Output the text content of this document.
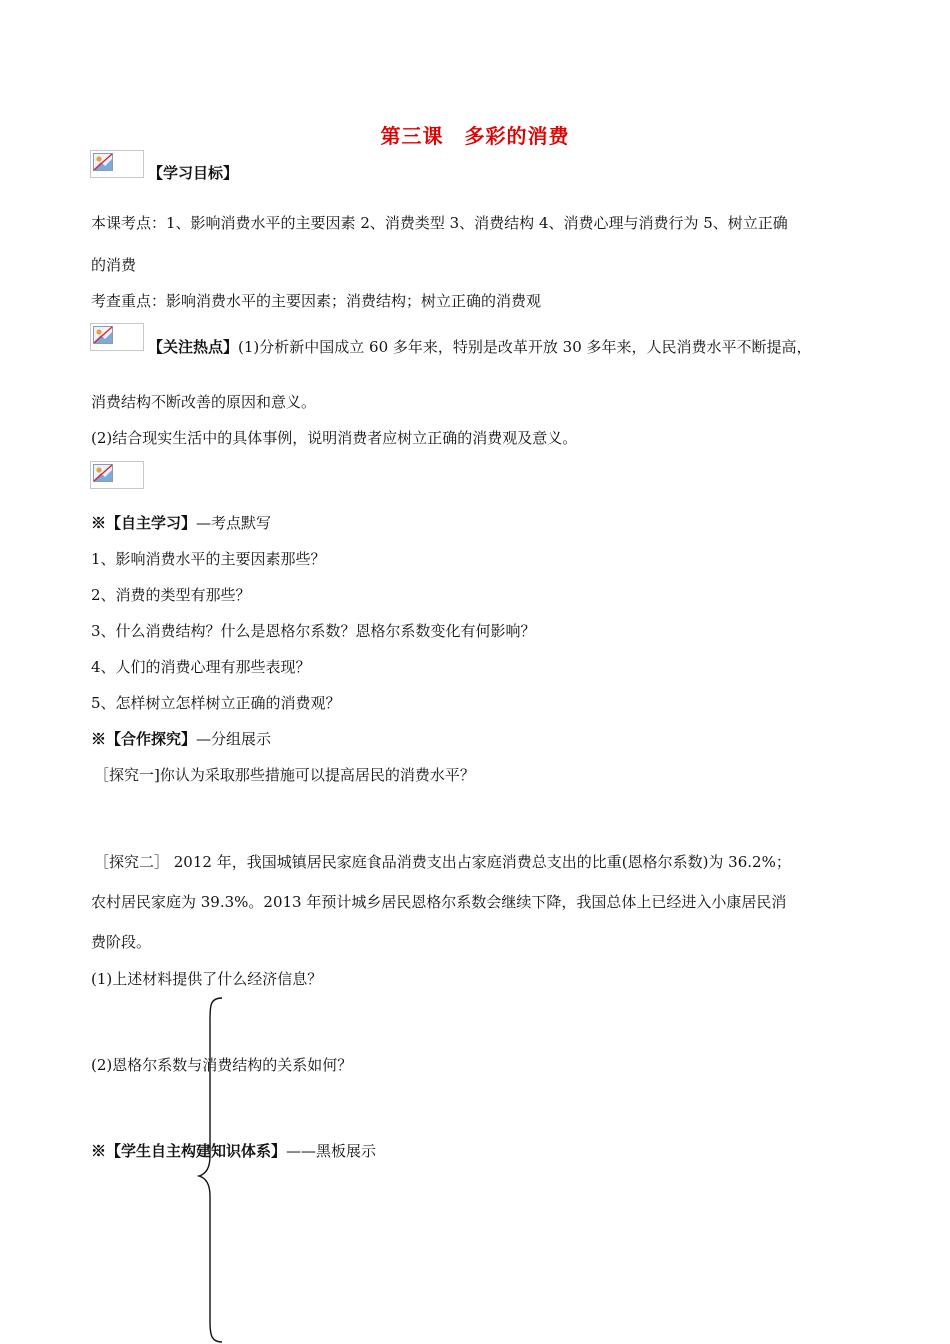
第三课　多彩的消费
【学习目标】
本课考点：1、影响消费水平的主要因素 2、消费类型 3、消费结构 4、消费心理与消费行为 5、树立正确
的消费
考查重点：影响消费水平的主要因素；消费结构；树立正确的消费观
【关注热点】(1)分析新中国成立 60 多年来，特别是改革开放 30 多年来，人民消费水平不断提高，
消费结构不断改善的原因和意义。
(2)结合现实生活中的具体事例，说明消费者应树立正确的消费观及意义。
※【自主学习】—考点默写
1、影响消费水平的主要因素那些？
2、消费的类型有那些？
3、什么消费结构？什么是恩格尔系数？恩格尔系数变化有何影响？
4、人们的消费心理有那些表现？
5、怎样树立怎样树立正确的消费观？
※【合作探究】—分组展示
［探究一]你认为采取那些措施可以提高居民的消费水平？
［探究二］ 2012 年，我国城镇居民家庭食品消费支出占家庭消费总支出的比重(恩格尔系数)为 36.2%；
农村居民家庭为 39.3%。2013 年预计城乡居民恩格尔系数会继续下降，我国总体上已经进入小康居民消
费阶段。
(1)上述材料提供了什么经济信息？
(2)恩格尔系数与消费结构的关系如何？
※【学生自主构建知识体系】——黑板展示
